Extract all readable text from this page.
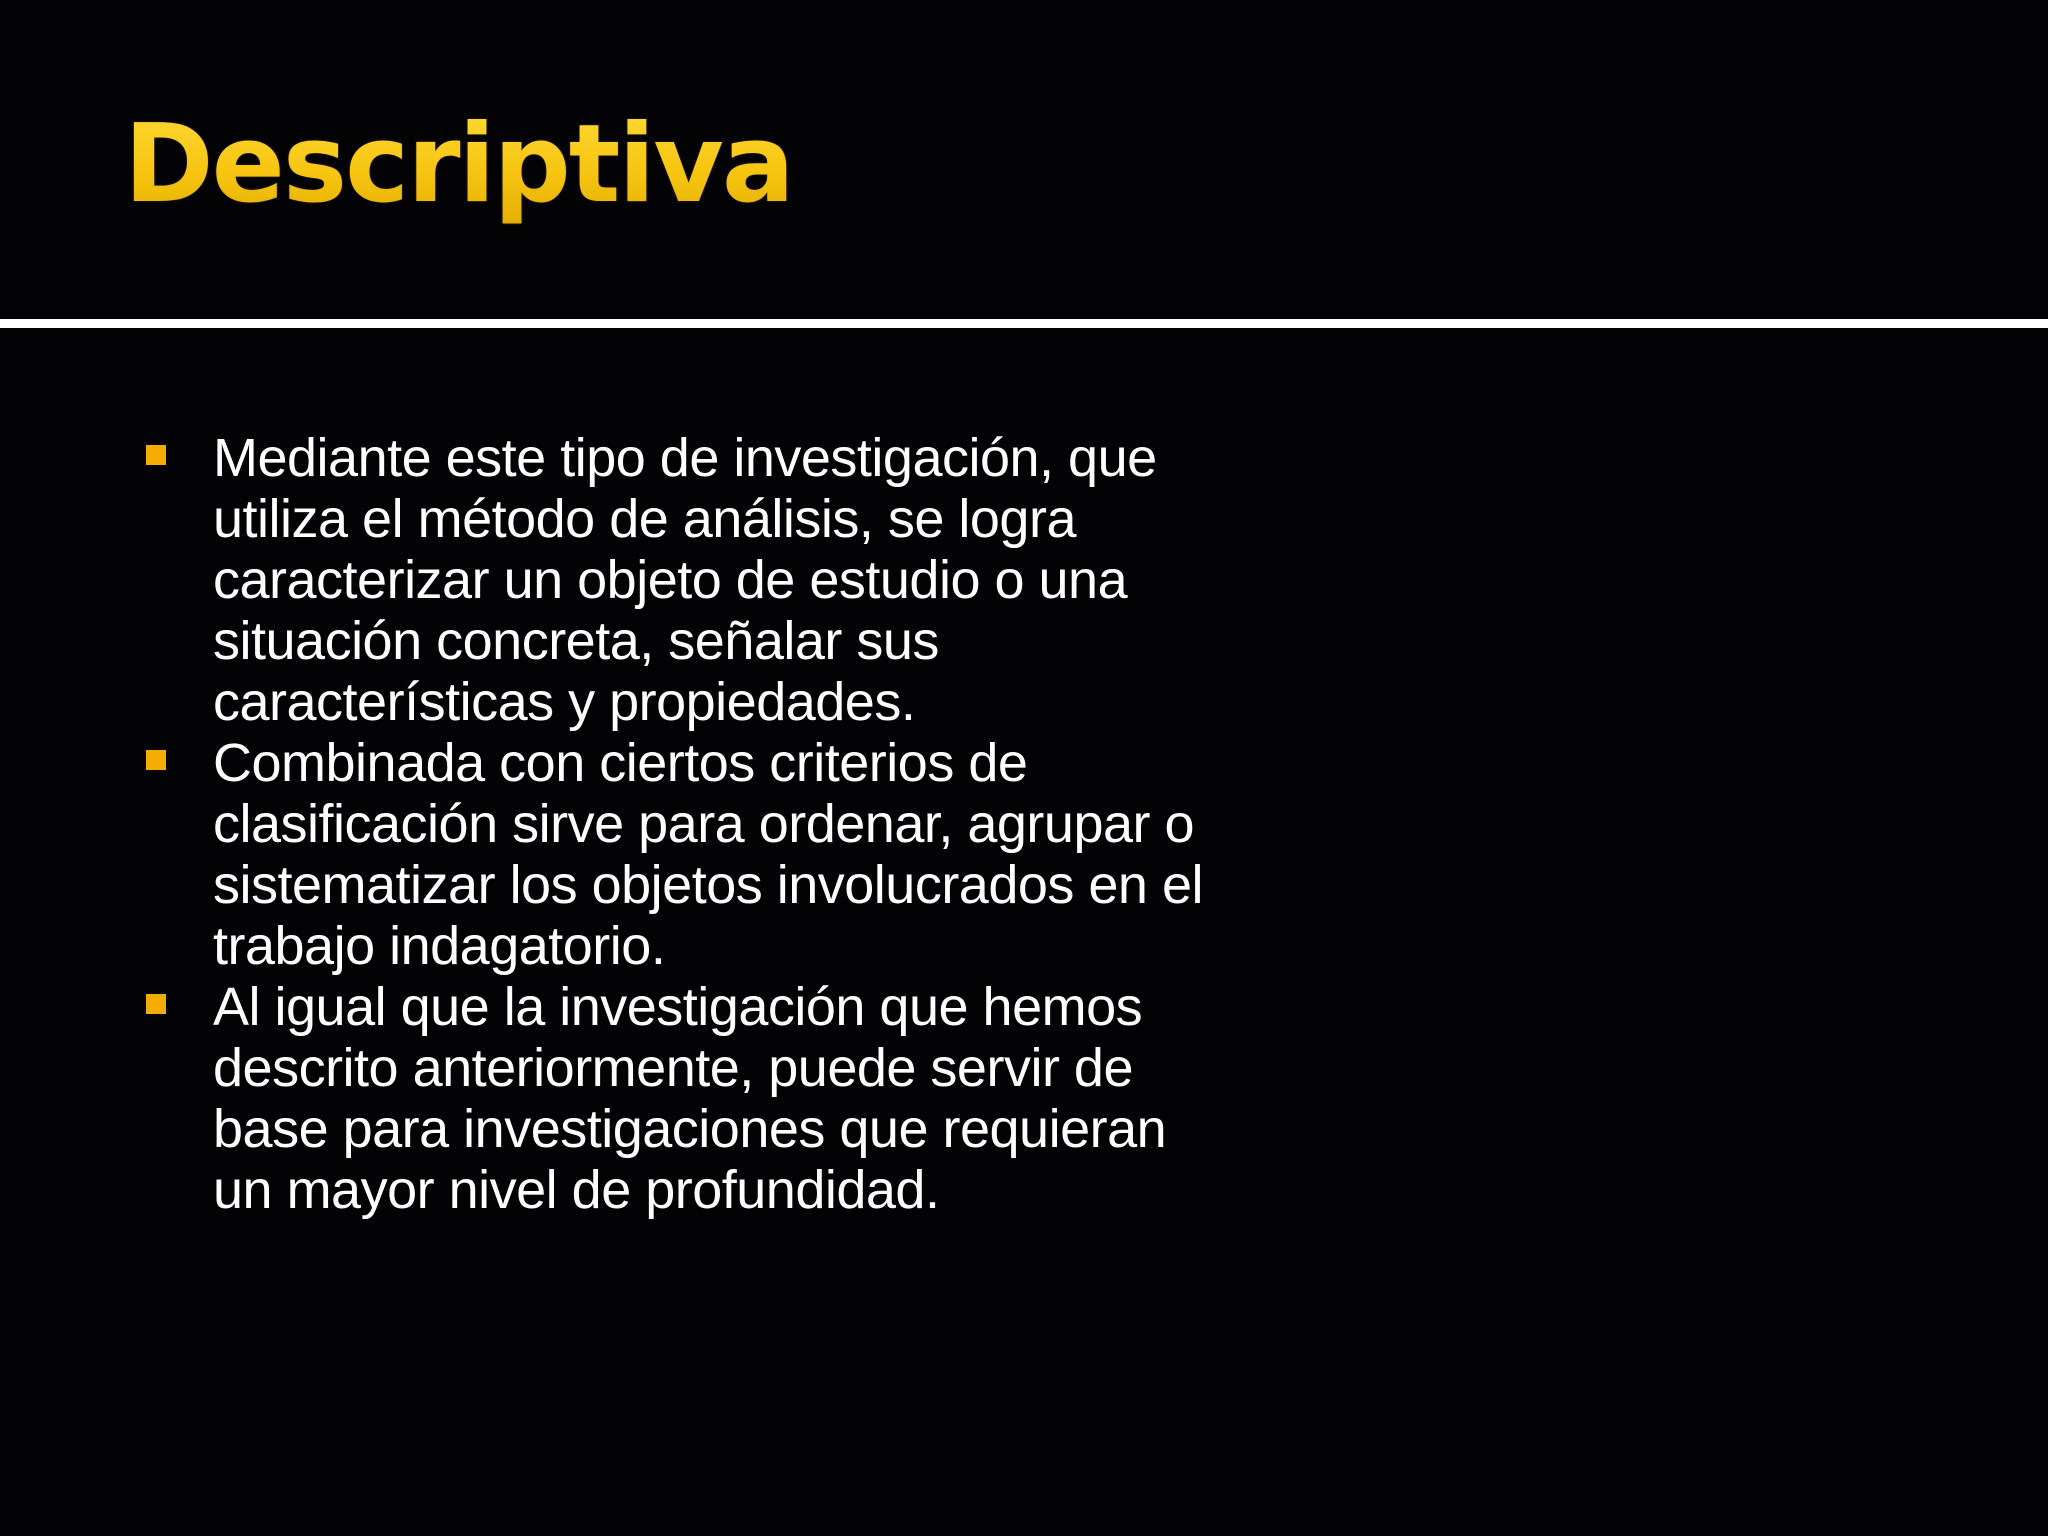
Descriptiva
Mediante este tipo de investigación, que utiliza el método de análisis, se logra caracterizar un objeto de estudio o una situación concreta, señalar sus características y propiedades.
Combinada con ciertos criterios de clasificación sirve para ordenar, agrupar o sistematizar los objetos involucrados en el trabajo indagatorio.
Al igual que la investigación que hemos descrito anteriormente, puede servir de base para investigaciones que requieran un mayor nivel de profundidad.
